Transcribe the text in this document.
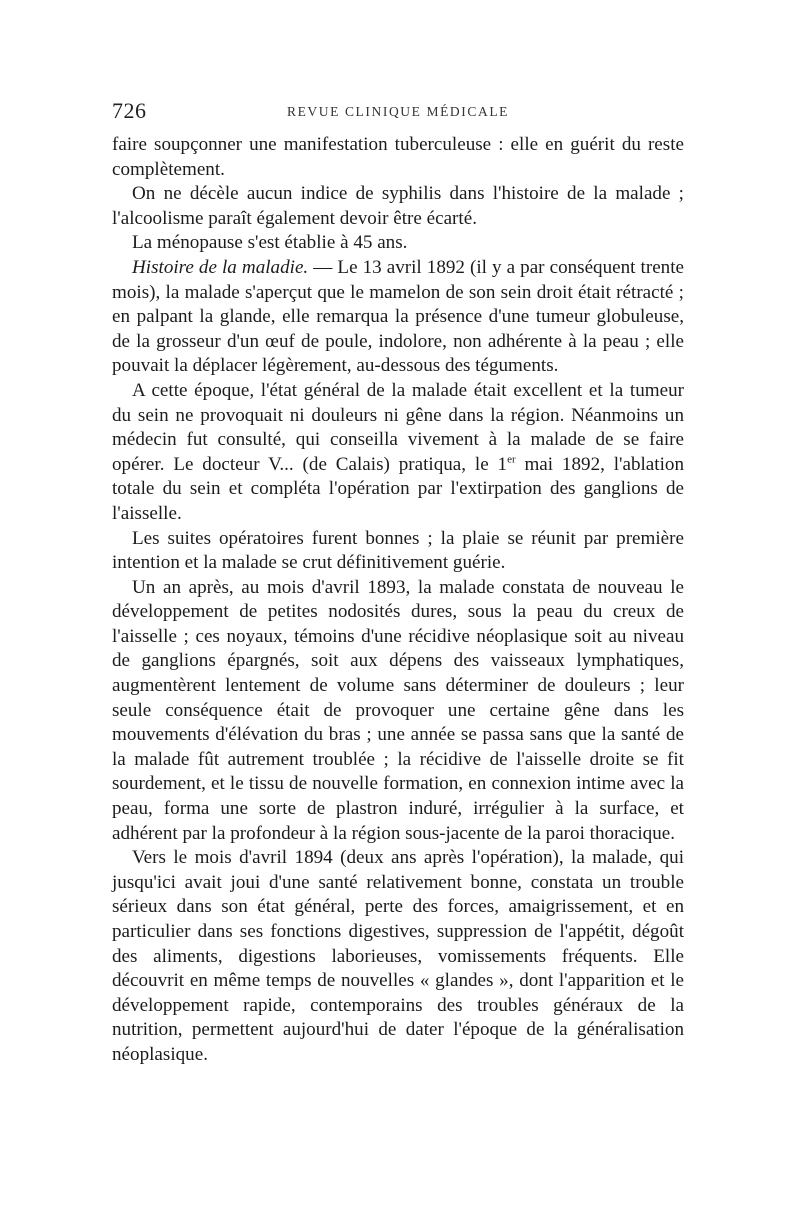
726	REVUE CLINIQUE MÉDICALE

faire soupçonner une manifestation tuberculeuse : elle en guérit du reste complètement.

On ne décèle aucun indice de syphilis dans l'histoire de la malade ; l'alcoolisme paraît également devoir être écarté.

La ménopause s'est établie à 45 ans.

Histoire de la maladie. — Le 13 avril 1892 (il y a par conséquent trente mois), la malade s'aperçut que le mamelon de son sein droit était rétracté ; en palpant la glande, elle remarqua la présence d'une tumeur globuleuse, de la grosseur d'un œuf de poule, indolore, non adhérente à la peau ; elle pouvait la déplacer légèrement, au-dessous des téguments.

A cette époque, l'état général de la malade était excellent et la tumeur du sein ne provoquait ni douleurs ni gêne dans la région. Néanmoins un médecin fut consulté, qui conseilla vivement à la malade de se faire opérer. Le docteur V... (de Calais) pratiqua, le 1er mai 1892, l'ablation totale du sein et compléta l'opération par l'extirpation des ganglions de l'aisselle.

Les suites opératoires furent bonnes ; la plaie se réunit par première intention et la malade se crut définitivement guérie.

Un an après, au mois d'avril 1893, la malade constata de nouveau le développement de petites nodosités dures, sous la peau du creux de l'aisselle ; ces noyaux, témoins d'une récidive néoplasique soit au niveau de ganglions épargnés, soit aux dépens des vaisseaux lymphatiques, augmentèrent lentement de volume sans déterminer de douleurs ; leur seule conséquence était de provoquer une certaine gêne dans les mouvements d'élévation du bras ; une année se passa sans que la santé de la malade fût autrement troublée ; la récidive de l'aisselle droite se fit sourdement, et le tissu de nouvelle formation, en connexion intime avec la peau, forma une sorte de plastron induré, irrégulier à la surface, et adhérent par la profondeur à la région sous-jacente de la paroi thoracique.

Vers le mois d'avril 1894 (deux ans après l'opération), la malade, qui jusqu'ici avait joui d'une santé relativement bonne, constata un trouble sérieux dans son état général, perte des forces, amaigrissement, et en particulier dans ses fonctions digestives, suppression de l'appétit, dégoût des aliments, digestions laborieuses, vomissements fréquents. Elle découvrit en même temps de nouvelles « glandes », dont l'apparition et le développement rapide, contemporains des troubles généraux de la nutrition, permettent aujourd'hui de dater l'époque de la généralisation néoplasique.
